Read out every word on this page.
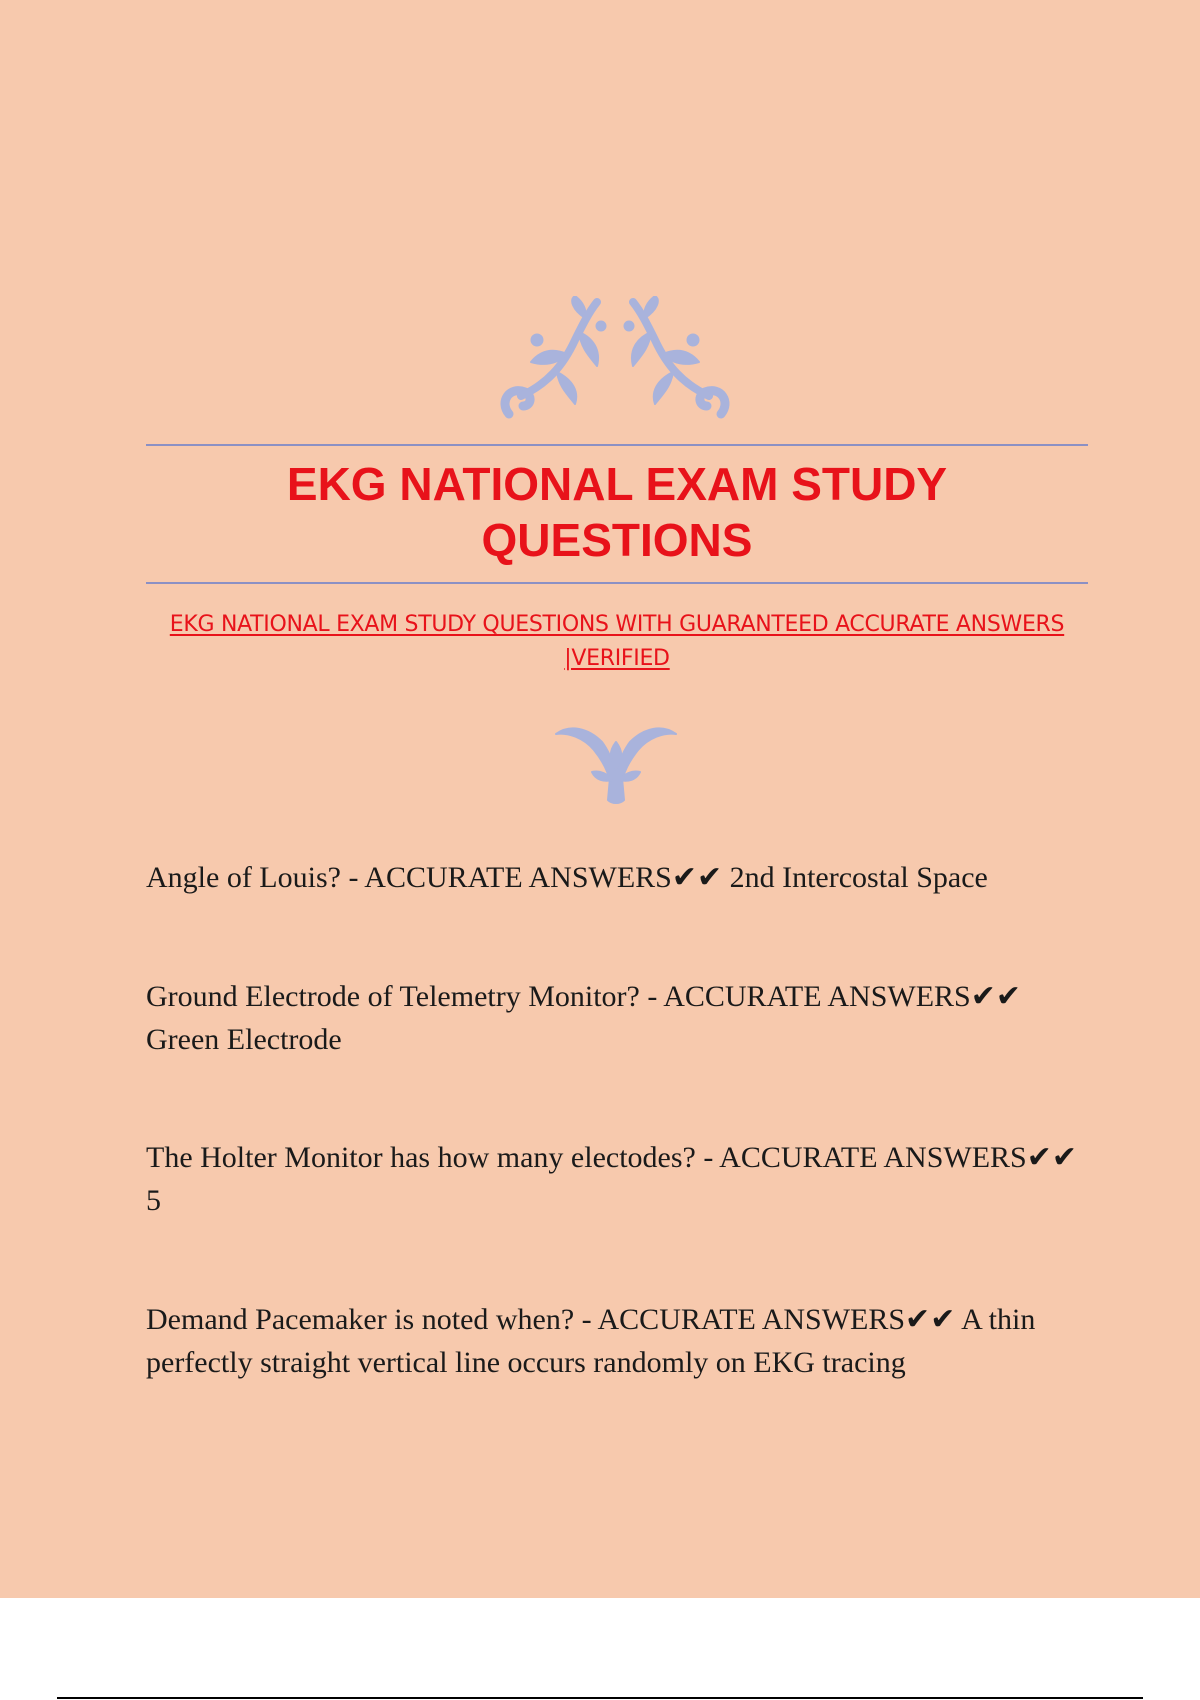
EKG NATIONAL EXAM STUDY QUESTIONS

EKG NATIONAL EXAM STUDY QUESTIONS WITH GUARANTEED ACCURATE ANSWERS |VERIFIED

Angle of Louis? - ACCURATE ANSWERS✔✔ 2nd Intercostal Space

Ground Electrode of Telemetry Monitor? - ACCURATE ANSWERS✔✔ Green Electrode

The Holter Monitor has how many electodes? - ACCURATE ANSWERS✔✔ 5

Demand Pacemaker is noted when? - ACCURATE ANSWERS✔✔ A thin perfectly straight vertical line occurs randomly on EKG tracing
